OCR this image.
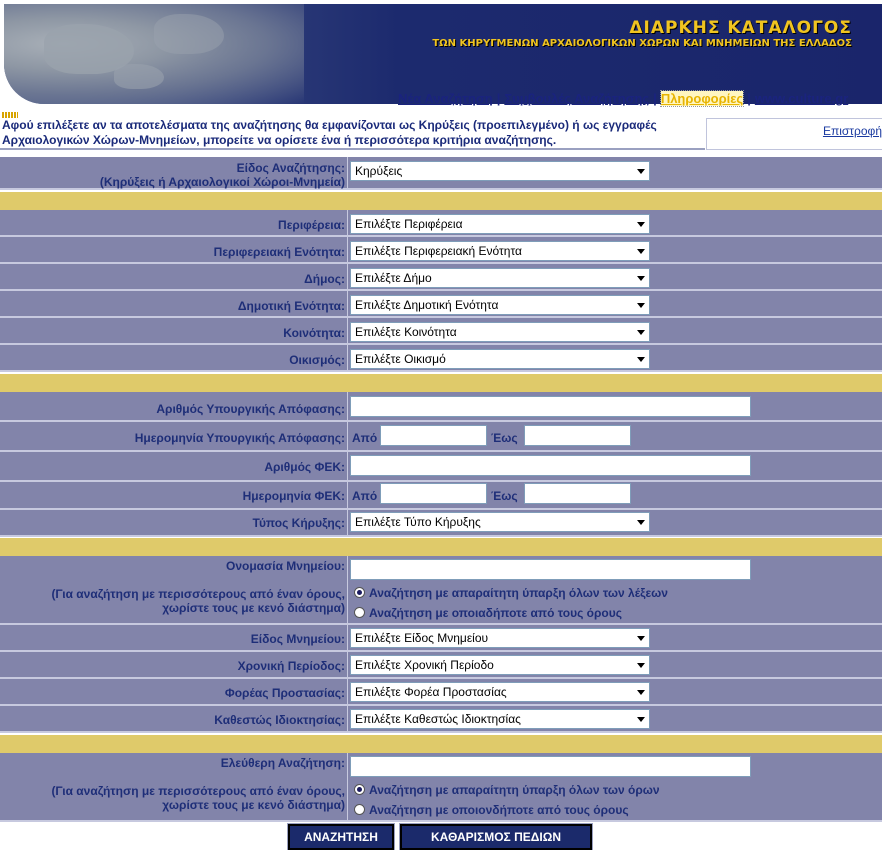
ΔΙΑΡΚΗΣ ΚΑΤΑΛΟΓΟΣ
ΤΩΝ ΚΗΡΥΓΜΕΝΩΝ ΑΡΧΑΙΟΛΟΓΙΚΩΝ ΧΩΡΩΝ ΚΑΙ ΜΝΗΜΕΙΩΝ ΤΗΣ ΕΛΛΑΔΟΣ
Νέα Αναζήτηση | Συμβουλές Αναζήτησης | Πληροφορίες | www.culture.gr
Αφού επιλέξετε αν τα αποτελέσματα της αναζήτησης θα εμφανίζονται ως Κηρύξεις (προεπιλεγμένο) ή ως εγγραφές Αρχαιολογικών Χώρων-Μνημείων, μπορείτε να ορίσετε ένα ή περισσότερα κριτήρια αναζήτησης.
Επιστροφή
Είδος Αναζήτησης:
(Κηρύξεις ή Αρχαιολογικοί Χώροι-Μνημεία)
Κηρύξεις
Περιφέρεια: Επιλέξτε Περιφέρεια
Περιφερειακή Ενότητα: Επιλέξτε Περιφερειακή Ενότητα
Δήμος: Επιλέξτε Δήμο
Δημοτική Ενότητα: Επιλέξτε Δημοτική Ενότητα
Κοινότητα: Επιλέξτε Κοινότητα
Οικισμός: Επιλέξτε Οικισμό
Αριθμός Υπουργικής Απόφασης:
Ημερομηνία Υπουργικής Απόφασης: Από	Έως
Αριθμός ΦΕΚ:
Ημερομηνία ΦΕΚ: Από	Έως
Τύπος Κήρυξης: Επιλέξτε Τύπο Κήρυξης
Ονομασία Μνημείου:
(Για αναζήτηση με περισσότερους από έναν όρους,
χωρίστε τους με κενό διάστημα)
Αναζήτηση με απαραίτητη ύπαρξη όλων των λέξεων
Αναζήτηση με οποιαδήποτε από τους όρους
Είδος Μνημείου: Επιλέξτε Είδος Μνημείου
Χρονική Περίοδος: Επιλέξτε Χρονική Περίοδο
Φορέας Προστασίας: Επιλέξτε Φορέα Προστασίας
Καθεστώς Ιδιοκτησίας: Επιλέξτε Καθεστώς Ιδιοκτησίας
Ελεύθερη Αναζήτηση:
(Για αναζήτηση με περισσότερους από έναν όρους,
χωρίστε τους με κενό διάστημα)
Αναζήτηση με απαραίτητη ύπαρξη όλων των όρων
Αναζήτηση με οποιονδήποτε από τους όρους
ΑΝΑΖΗΤΗΣΗ	ΚΑΘΑΡΙΣΜΟΣ ΠΕΔΙΩΝ
